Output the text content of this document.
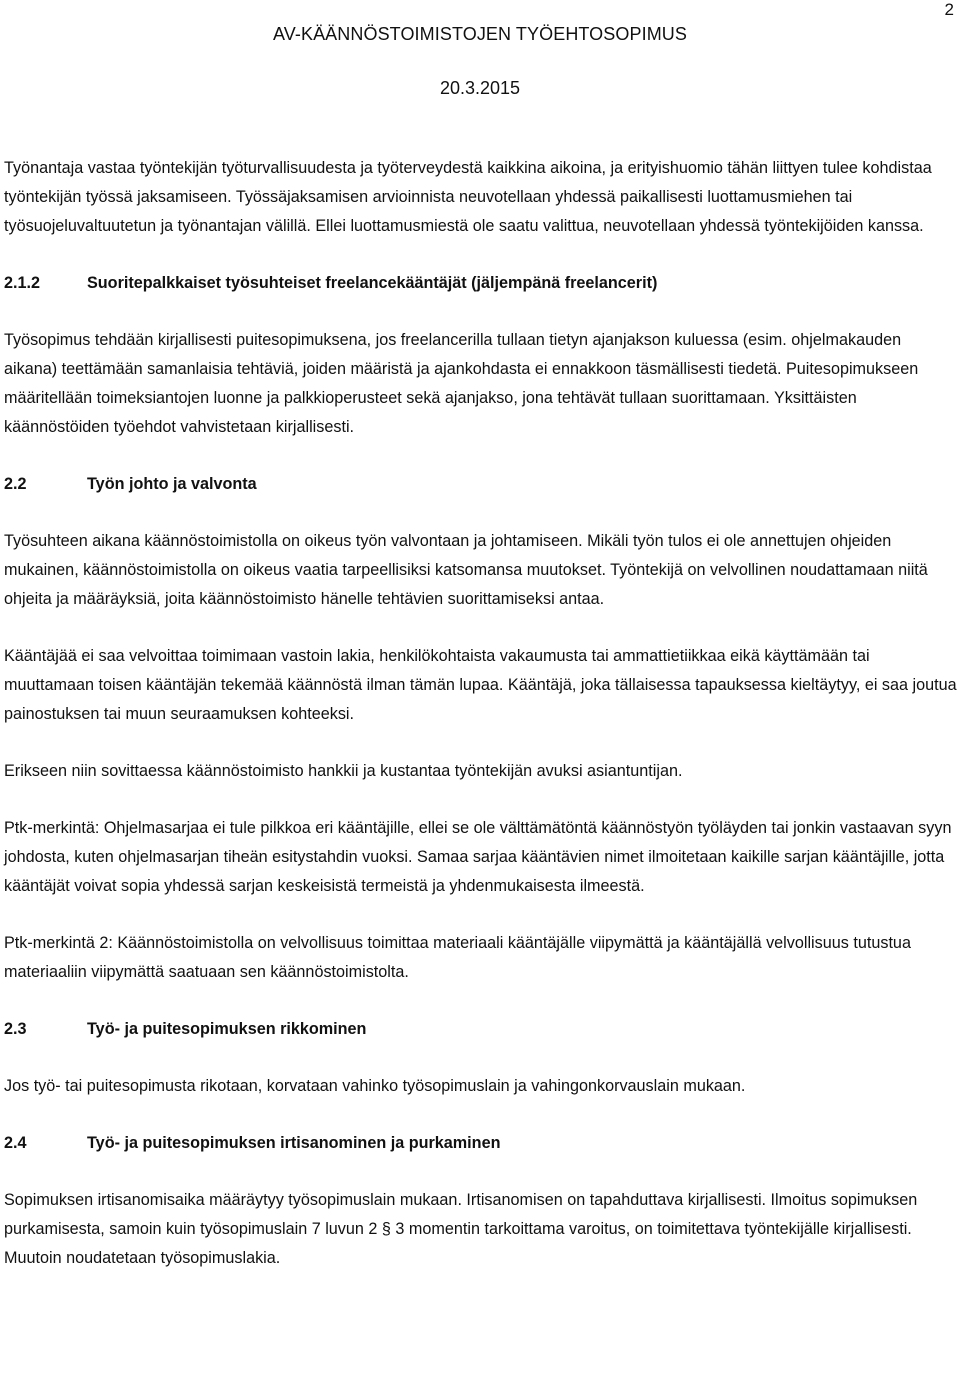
2
AV-KÄÄNNÖSTOIMISTOJEN TYÖEHTOSOPIMUS
20.3.2015

Työnantaja vastaa työntekijän työturvallisuudesta ja työterveydestä kaikkina aikoina, ja erityishuomio tähän liittyen tulee kohdistaa työntekijän työssä jaksamiseen. Työssäjaksamisen arvioinnista neuvotellaan yhdessä paikallisesti luottamusmiehen tai työsuojeluvaltuutetun ja työnantajan välillä. Ellei luottamusmiestä ole saatu valittua, neuvotellaan yhdessä työntekijöiden kanssa.

2.1.2	Suoritepalkkaiset työsuhteiset freelancekääntäjät (jäljempänä freelancerit)

Työsopimus tehdään kirjallisesti puitesopimuksena, jos freelancerilla tullaan tietyn ajanjakson kuluessa (esim. ohjelmakauden aikana) teettämään samanlaisia tehtäviä, joiden määristä ja ajankohdasta ei ennakkoon täsmällisesti tiedetä. Puitesopimukseen määritellään toimeksiantojen luonne ja palkkioperusteet sekä ajanjakso, jona tehtävät tullaan suorittamaan. Yksittäisten käännöstöiden työehdot vahvistetaan kirjallisesti.

2.2	Työn johto ja valvonta

Työsuhteen aikana käännöstoimistolla on oikeus työn valvontaan ja johtamiseen. Mikäli työn tulos ei ole annettujen ohjeiden mukainen, käännöstoimistolla on oikeus vaatia tarpeellisiksi katsomansa muutokset. Työntekijä on velvollinen noudattamaan niitä ohjeita ja määräyksiä, joita käännöstoimisto hänelle tehtävien suorittamiseksi antaa.

Kääntäjää ei saa velvoittaa toimimaan vastoin lakia, henkilökohtaista vakaumusta tai ammattietiikkaa eikä käyttämään tai muuttamaan toisen kääntäjän tekemää käännöstä ilman tämän lupaa. Kääntäjä, joka tällaisessa tapauksessa kieltäytyy, ei saa joutua painostuksen tai muun seuraamuksen kohteeksi.

Erikseen niin sovittaessa käännöstoimisto hankkii ja kustantaa työntekijän avuksi asiantuntijan.

Ptk-merkintä: Ohjelmasarjaa ei tule pilkkoa eri kääntäjille, ellei se ole välttämätöntä käännöstyön työläyden tai jonkin vastaavan syyn johdosta, kuten ohjelmasarjan tiheän esitystahdin vuoksi. Samaa sarjaa kääntävien nimet ilmoitetaan kaikille sarjan kääntäjille, jotta kääntäjät voivat sopia yhdessä sarjan keskeisistä termeistä ja yhdenmukaisesta ilmeestä.

Ptk-merkintä 2: Käännöstoimistolla on velvollisuus toimittaa materiaali kääntäjälle viipymättä ja kääntäjällä velvollisuus tutustua materiaaliin viipymättä saatuaan sen käännöstoimistolta.

2.3	Työ- ja puitesopimuksen rikkominen

Jos työ- tai puitesopimusta rikotaan, korvataan vahinko työsopimuslain ja vahingonkorvauslain mukaan.

2.4	Työ- ja puitesopimuksen irtisanominen ja purkaminen

Sopimuksen irtisanomisaika määräytyy työsopimuslain mukaan. Irtisanomisen on tapahduttava kirjallisesti. Ilmoitus sopimuksen purkamisesta, samoin kuin työsopimuslain 7 luvun 2 § 3 momentin tarkoittama varoitus, on toimitettava työntekijälle kirjallisesti. Muutoin noudatetaan työsopimuslakia.
